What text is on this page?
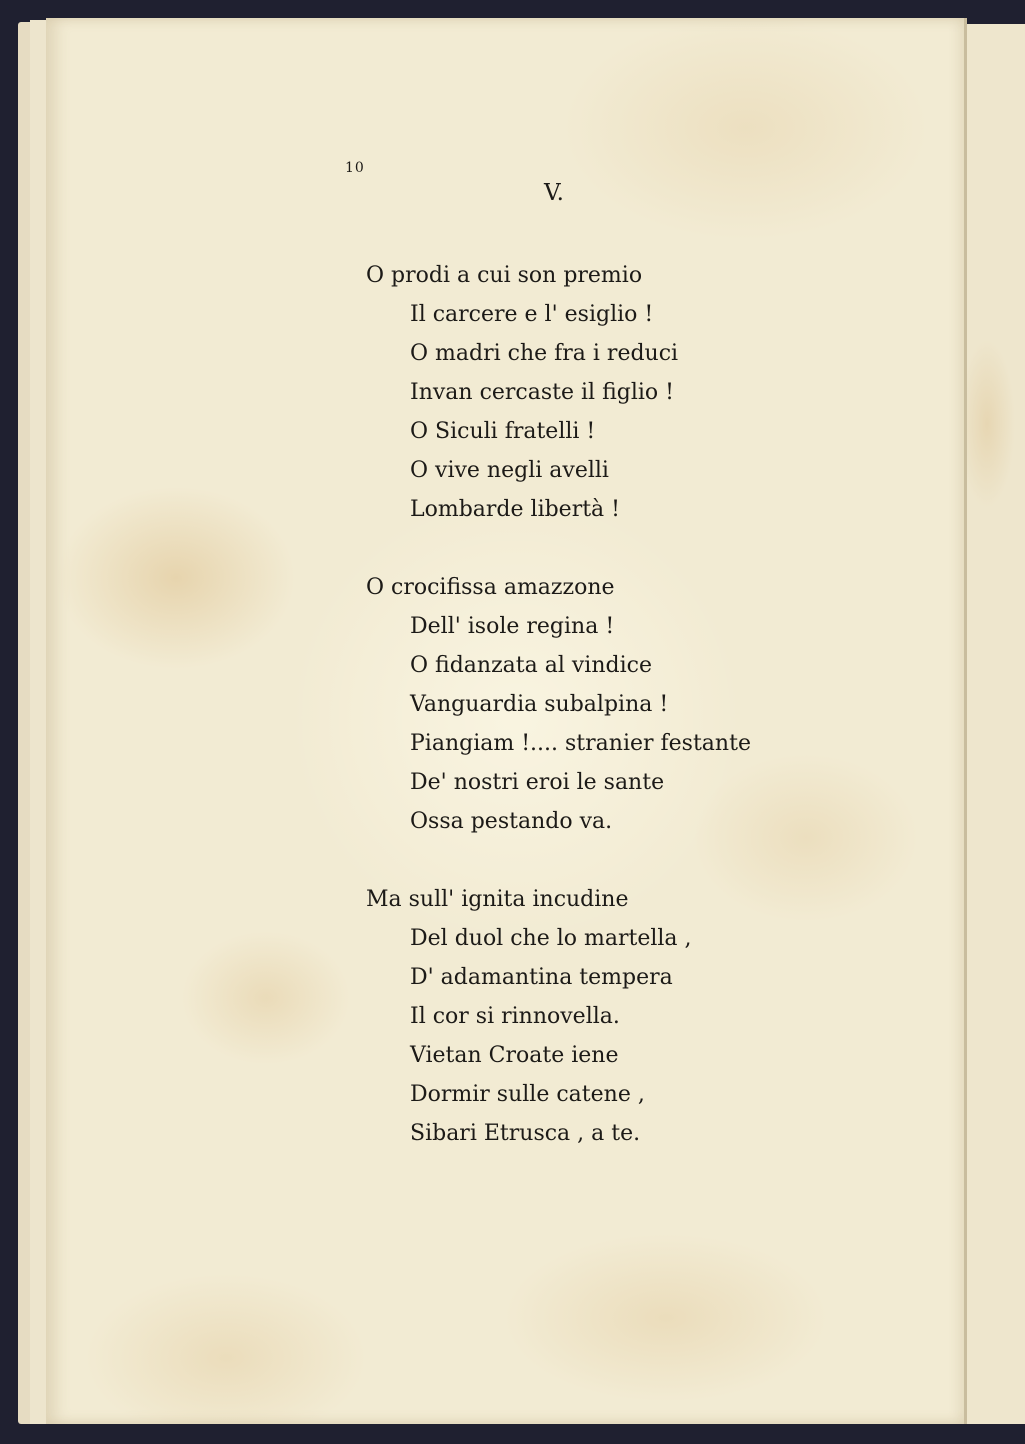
10

V.

O prodi a cui son premio
Il carcere e l' esiglio !
O madri che fra i reduci
Invan cercaste il figlio !
O Siculi fratelli !
O vive negli avelli
Lombarde libertà !
O crocifissa amazzone
Dell' isole regina !
O fidanzata al vindice
Vanguardia subalpina !
Piangiam !.... stranier festante
De' nostri eroi le sante
Ossa pestando va.
Ma sull' ignita incudine
Del duol che lo martella ,
D' adamantina tempera
Il cor si rinnovella.
Vietan Croate iene
Dormir sulle catene ,
Sibari Etrusca , a te.
